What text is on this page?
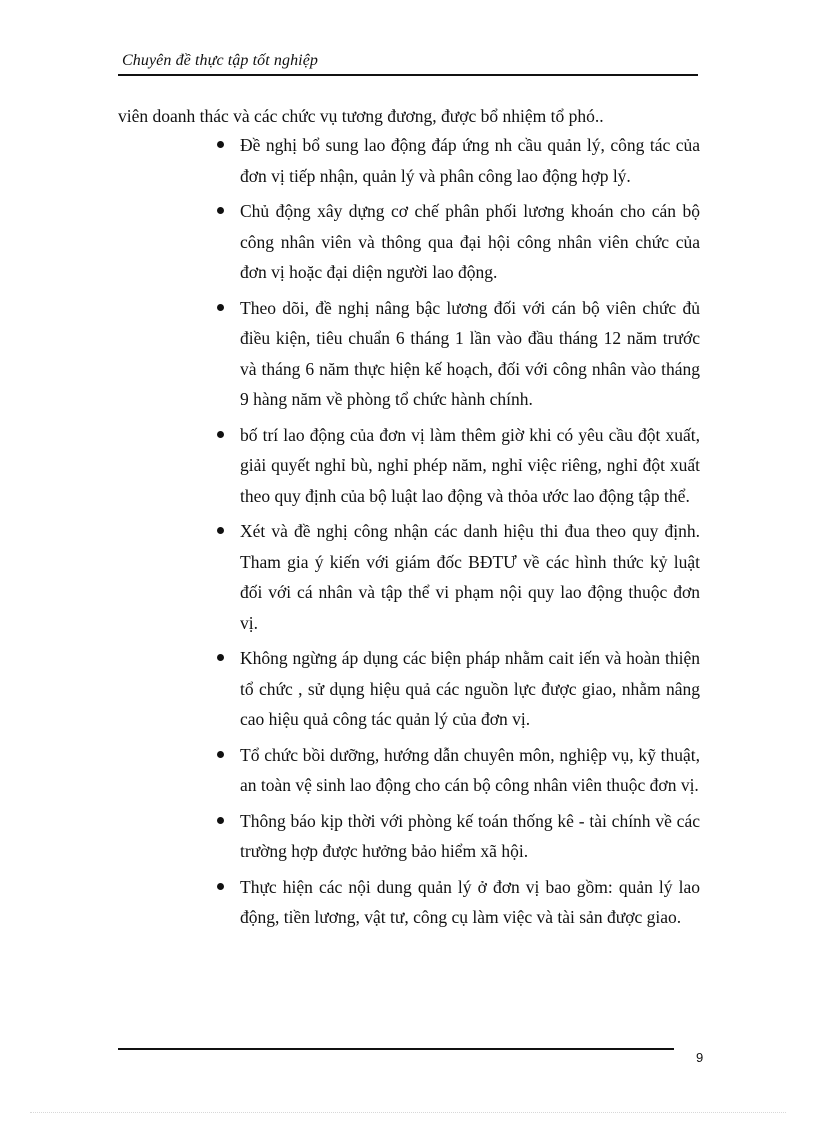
Chuyên đề thực tập tốt nghiệp
viên doanh thác và các chức vụ tương đương, được bổ nhiệm tổ phó..
Đề nghị bổ sung lao động đáp ứng nh cầu quản lý, công tác của đơn vị tiếp nhận, quản lý và phân công lao động hợp lý.
Chủ động xây dựng cơ chế phân phối lương khoán cho cán bộ công nhân viên và thông qua đại hội công nhân viên chức của đơn vị hoặc đại diện người lao động.
Theo dõi, đề nghị nâng bậc lương đối với cán bộ viên chức đủ điều kiện, tiêu chuẩn 6 tháng 1 lần vào đầu tháng 12 năm trước và tháng 6 năm thực hiện kế hoạch, đối với công nhân vào tháng 9 hàng năm về phòng tổ chức hành chính.
bố trí lao động của đơn vị làm thêm giờ khi có yêu cầu đột xuất, giải quyết nghỉ bù, nghỉ phép năm, nghỉ việc riêng, nghỉ đột xuất theo quy định của bộ luật lao động và thỏa ước lao động tập thể.
Xét và đề nghị công nhận các danh hiệu thi đua theo quy định. Tham gia ý kiến với giám đốc BĐTƯ về các hình thức kỷ luật đối với cá nhân và tập thể vi phạm nội quy lao động thuộc đơn vị.
Không ngừng áp dụng các biện pháp nhằm cait iến và hoàn thiện tổ chức , sử dụng hiệu quả các nguồn lực được giao, nhằm nâng cao hiệu quả công tác quản lý của đơn vị.
Tổ chức bồi dưỡng, hướng dẫn chuyên môn, nghiệp vụ, kỹ thuật, an toàn vệ sinh lao động cho cán bộ công nhân viên thuộc đơn vị.
Thông báo kịp thời với phòng kế toán thống kê - tài chính về các trường hợp được hưởng bảo hiểm xã hội.
Thực hiện các nội dung quản lý ở đơn vị bao gồm: quản lý lao động, tiền lương, vật tư, công cụ làm việc và tài sản được giao.
9
